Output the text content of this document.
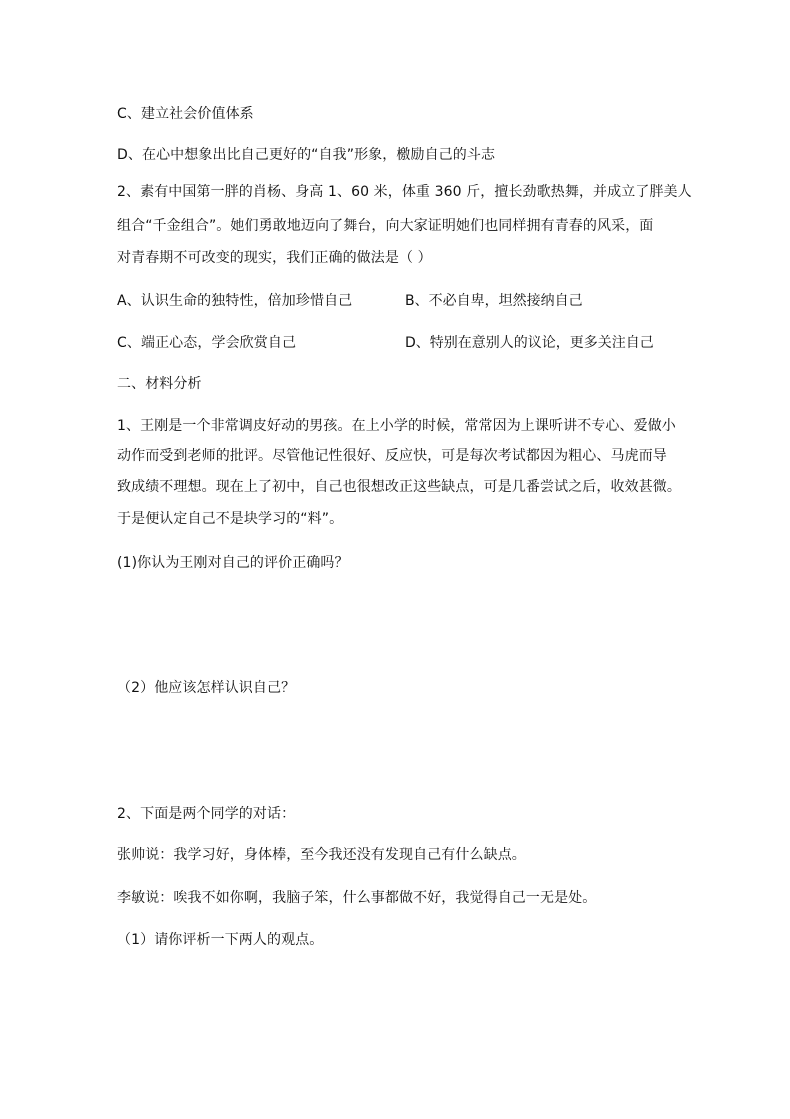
C、建立社会价值体系
D、在心中想象出比自己更好的“自我”形象，檄励自己的斗志
2、素有中国第一胖的肖杨、身高 1、60 米，体重 360 斤，擅长劲歌热舞，并成立了胖美人
组合“千金组合”。她们勇敢地迈向了舞台，向大家证明她们也同样拥有青春的风采，面
对青春期不可改变的现实，我们正确的做法是（ ）
A、认识生命的独特性，倍加珍惜自己	B、不必自卑，坦然接纳自己
C、端正心态，学会欣赏自己	D、特别在意别人的议论，更多关注自己
二、材料分析
1、王刚是一个非常调皮好动的男孩。在上小学的时候，常常因为上课听讲不专心、爱做小
动作而受到老师的批评。尽管他记性很好、反应快，可是每次考试都因为粗心、马虎而导
致成绩不理想。现在上了初中，自己也很想改正这些缺点，可是几番尝试之后，收效甚微。
于是便认定自己不是块学习的“料”。
(1)你认为王刚对自己的评价正确吗？
（2）他应该怎样认识自己？
2、下面是两个同学的对话：
张帅说：我学习好，身体棒，至今我还没有发现自己有什么缺点。
李敏说：唉我不如你啊，我脑子笨，什么事都做不好，我觉得自己一无是处。
（1）请你评析一下两人的观点。
